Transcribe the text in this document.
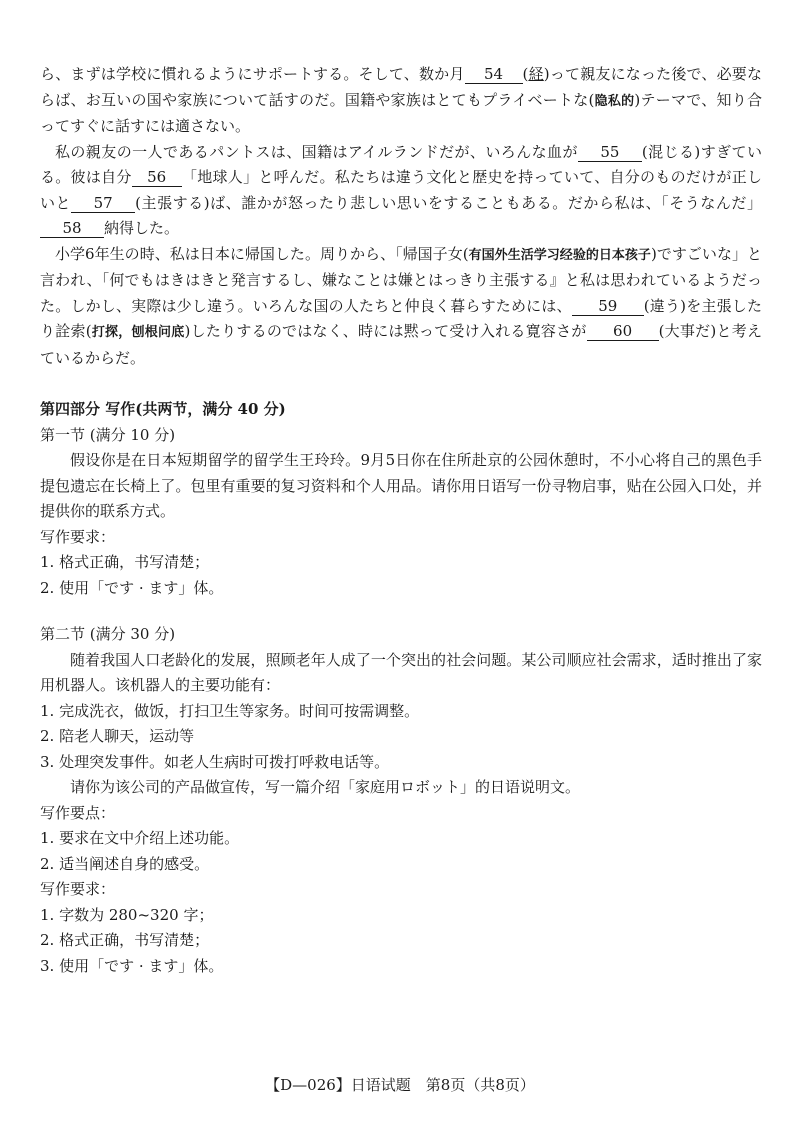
ら、まずは学校に慣れるようにサポートする。そして、数か月 54 (経)って親友になった後で、必要ならば、お互いの国や家族について話すのだ。国籍や家族はとてもプライベートな(隐私的)テーマで、知り合ってすぐに話すには適さない。

私の親友の一人であるパントスは、国籍はアイルランドだが、いろんな血が 55 (混じる)すぎている。彼は自分 56 「地球人」と呼んだ。私たちは違う文化と歴史を持っていて、自分のものだけが正しいと 57 (主張する)ば、誰かが怒ったり悲しい思いをすることもある。だから私は、「そうなんだ」58 納得した。

小学6年生の時、私は日本に帰国した。周りから、「帰国子女(有国外生活学习经验的日本孩子)ですごいな」と言われ、「何でもはきはきと発言するし、嫌なことは嫌とはっきり主張する』と私は思われているようだった。しかし、実際は少し違う。いろんな国の人たちと仲良く暮らすためには、 59 (違う)を主張したり詮索(打探，刨根问底)したりするのではなく、時には黙って受け入れる寛容さが 60 (大事だ)と考えているからだ。

第四部分 写作(共两节，满分 40 分)

第一节 (满分 10 分)

假设你是在日本短期留学的留学生王玲玲。9月5日你在住所赴京的公园休憩时，不小心将自己的黑色手提包遗忘在长椅上了。包里有重要的复习资料和个人用品。请你用日语写一份寻物启事，贴在公园入口处，并提供你的联系方式。

写作要求：

1. 格式正确，书写清楚；

2. 使用「です · ます」体。

第二节 (满分 30 分)

随着我国人口老龄化的发展，照顾老年人成了一个突出的社会问题。某公司顺应社会需求，适时推出了家用机器人。该机器人的主要功能有：

1. 完成洗衣，做饭，打扫卫生等家务。时间可按需调整。

2. 陪老人聊天，运动等

3. 处理突发事件。如老人生病时可拨打呼救电话等。

请你为该公司的产品做宣传，写一篇介绍「家庭用ロボット」的日语说明文。

写作要点：

1. 要求在文中介绍上述功能。

2. 适当阐述自身的感受。

写作要求：

1. 字数为 280~320 字；

2. 格式正确，书写清楚；

3. 使用「です · ます」体。

【D—026】日语试题　第8页（共8页）
